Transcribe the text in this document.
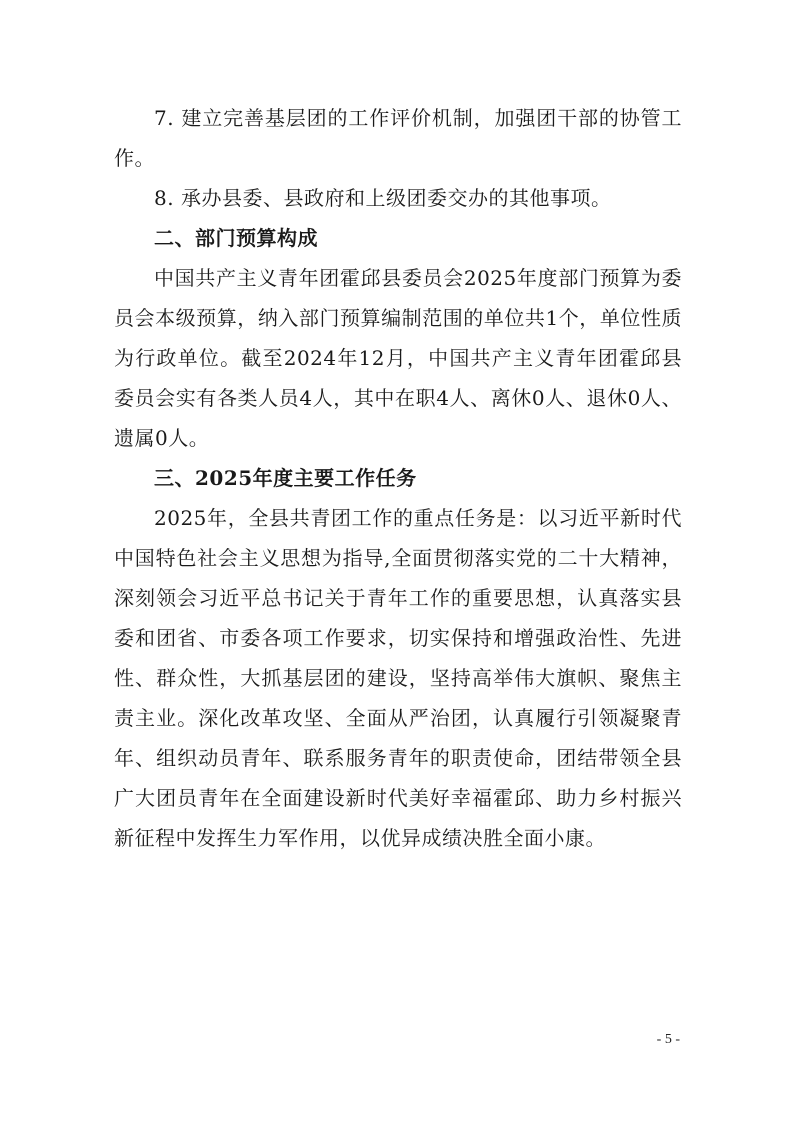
7. 建立完善基层团的工作评价机制，加强团干部的协管工作。

8. 承办县委、县政府和上级团委交办的其他事项。

二、部门预算构成

中国共产主义青年团霍邱县委员会2025年度部门预算为委员会本级预算，纳入部门预算编制范围的单位共1个，单位性质为行政单位。截至2024年12月，中国共产主义青年团霍邱县委员会实有各类人员4人，其中在职4人、离休0人、退休0人、遗属0人。

三、2025年度主要工作任务

2025年，全县共青团工作的重点任务是：以习近平新时代中国特色社会主义思想为指导,全面贯彻落实党的二十大精神，深刻领会习近平总书记关于青年工作的重要思想，认真落实县委和团省、市委各项工作要求，切实保持和增强政治性、先进性、群众性，大抓基层团的建设，坚持高举伟大旗帜、聚焦主责主业。深化改革攻坚、全面从严治团，认真履行引领凝聚青年、组织动员青年、联系服务青年的职责使命，团结带领全县广大团员青年在全面建设新时代美好幸福霍邱、助力乡村振兴新征程中发挥生力军作用，以优异成绩决胜全面小康。

- 5 -
